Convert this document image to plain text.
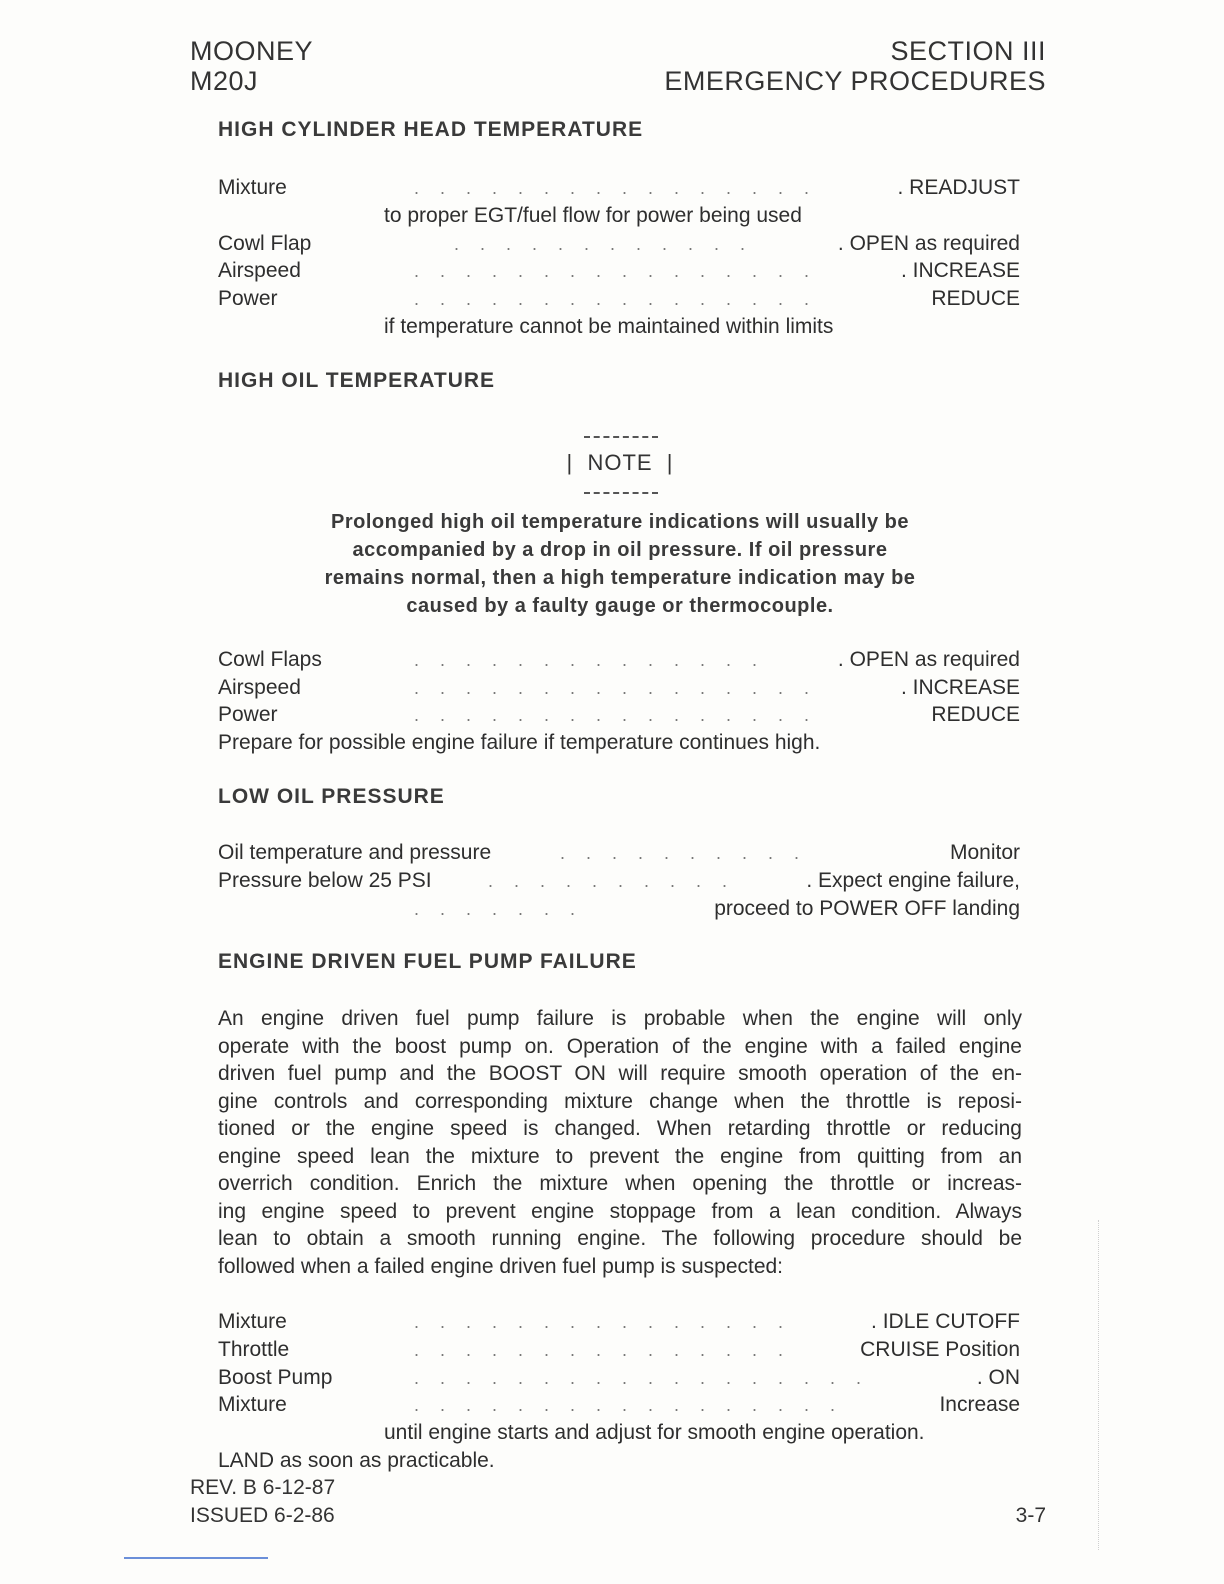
MOONEY
M20J
SECTION III
EMERGENCY PROCEDURES
HIGH CYLINDER HEAD TEMPERATURE
Mixture	................	. READJUST
to proper EGT/fuel flow for power being used
Cowl Flap	............	. OPEN as required
Airspeed	................	. INCREASE
Power	................	REDUCE
if temperature cannot be maintained within limits
HIGH OIL TEMPERATURE
|  NOTE  |
Prolonged high oil temperature indications will usually be
accompanied by a drop in oil pressure. If oil pressure
remains normal, then a high temperature indication may be
caused by a faulty gauge or thermocouple.
Cowl Flaps	..............	. OPEN as required
Airspeed	................	. INCREASE
Power	................	REDUCE
Prepare for possible engine failure if temperature continues high.
LOW OIL PRESSURE
Oil temperature and pressure	..........	Monitor
Pressure below 25 PSI	..........	. Expect engine failure,
.......	proceed to POWER OFF landing
ENGINE DRIVEN FUEL PUMP FAILURE
An engine driven fuel pump failure is probable when the engine will only
operate with the boost pump on. Operation of the engine with a failed engine
driven fuel pump and the BOOST ON will require smooth operation of the en-
gine controls and corresponding mixture change when the throttle is reposi-
tioned or the engine speed is changed. When retarding throttle or reducing
engine speed lean the mixture to prevent the engine from quitting from an
overrich condition. Enrich the mixture when opening the throttle or increas-
ing engine speed to prevent engine stoppage from a lean condition. Always
lean to obtain a smooth running engine. The following procedure should be
followed when a failed engine driven fuel pump is suspected:
Mixture	...............	. IDLE CUTOFF
Throttle	...............	CRUISE Position
Boost Pump	..................	. ON
Mixture	.................	Increase
until engine starts and adjust for smooth engine operation.
LAND as soon as practicable.
REV. B 6-12-87
ISSUED 6-2-86	3-7
